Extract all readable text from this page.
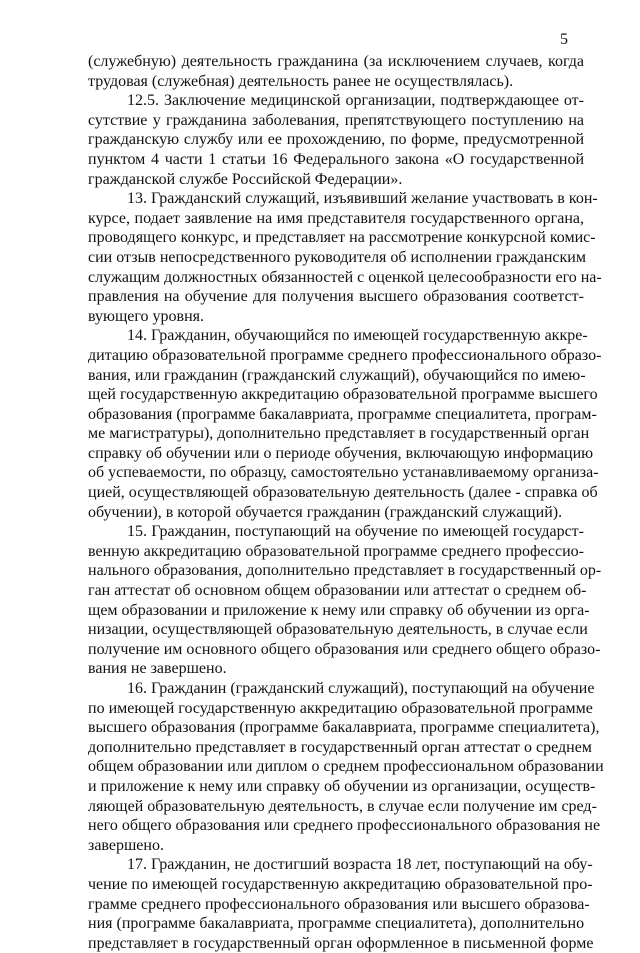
5

(служебную) деятельность гражданина (за исключением случаев, когда
трудовая (служебная) деятельность ранее не осуществлялась).

12.5. Заключение медицинской организации, подтверждающее от-
сутствие у гражданина заболевания, препятствующего поступлению на
гражданскую службу или ее прохождению, по форме, предусмотренной
пунктом 4 части 1 статьи 16 Федерального закона «О государственной
гражданской службе Российской Федерации».

13. Гражданский служащий, изъявивший желание участвовать в кон-
курсе, подает заявление на имя представителя государственного органа,
проводящего конкурс, и представляет на рассмотрение конкурсной комис-
сии отзыв непосредственного руководителя об исполнении гражданским
служащим должностных обязанностей с оценкой целесообразности его на-
правления на обучение для получения высшего образования соответст-
вующего уровня.

14. Гражданин, обучающийся по имеющей государственную аккре-
дитацию образовательной программе среднего профессионального образо-
вания, или гражданин (гражданский служащий), обучающийся по имею-
щей государственную аккредитацию образовательной программе высшего
образования (программе бакалавриата, программе специалитета, програм-
ме магистратуры), дополнительно представляет в государственный орган
справку об обучении или о периоде обучения, включающую информацию
об успеваемости, по образцу, самостоятельно устанавливаемому организа-
цией, осуществляющей образовательную деятельность (далее - справка об
обучении), в которой обучается гражданин (гражданский служащий).

15. Гражданин, поступающий на обучение по имеющей государст-
венную аккредитацию образовательной программе среднего профессио-
нального образования, дополнительно представляет в государственный ор-
ган аттестат об основном общем образовании или аттестат о среднем об-
щем образовании и приложение к нему или справку об обучении из орга-
низации, осуществляющей образовательную деятельность, в случае если
получение им основного общего образования или среднего общего образо-
вания не завершено.

16. Гражданин (гражданский служащий), поступающий на обучение
по имеющей государственную аккредитацию образовательной программе
высшего образования (программе бакалавриата, программе специалитета),
дополнительно представляет в государственный орган аттестат о среднем
общем образовании или диплом о среднем профессиональном образовании
и приложение к нему или справку об обучении из организации, осуществ-
ляющей образовательную деятельность, в случае если получение им сред-
него общего образования или среднего профессионального образования не
завершено.

17. Гражданин, не достигший возраста 18 лет, поступающий на обу-
чение по имеющей государственную аккредитацию образовательной про-
грамме среднего профессионального образования или высшего образова-
ния (программе бакалавриата, программе специалитета), дополнительно
представляет в государственный орган оформленное в письменной форме
